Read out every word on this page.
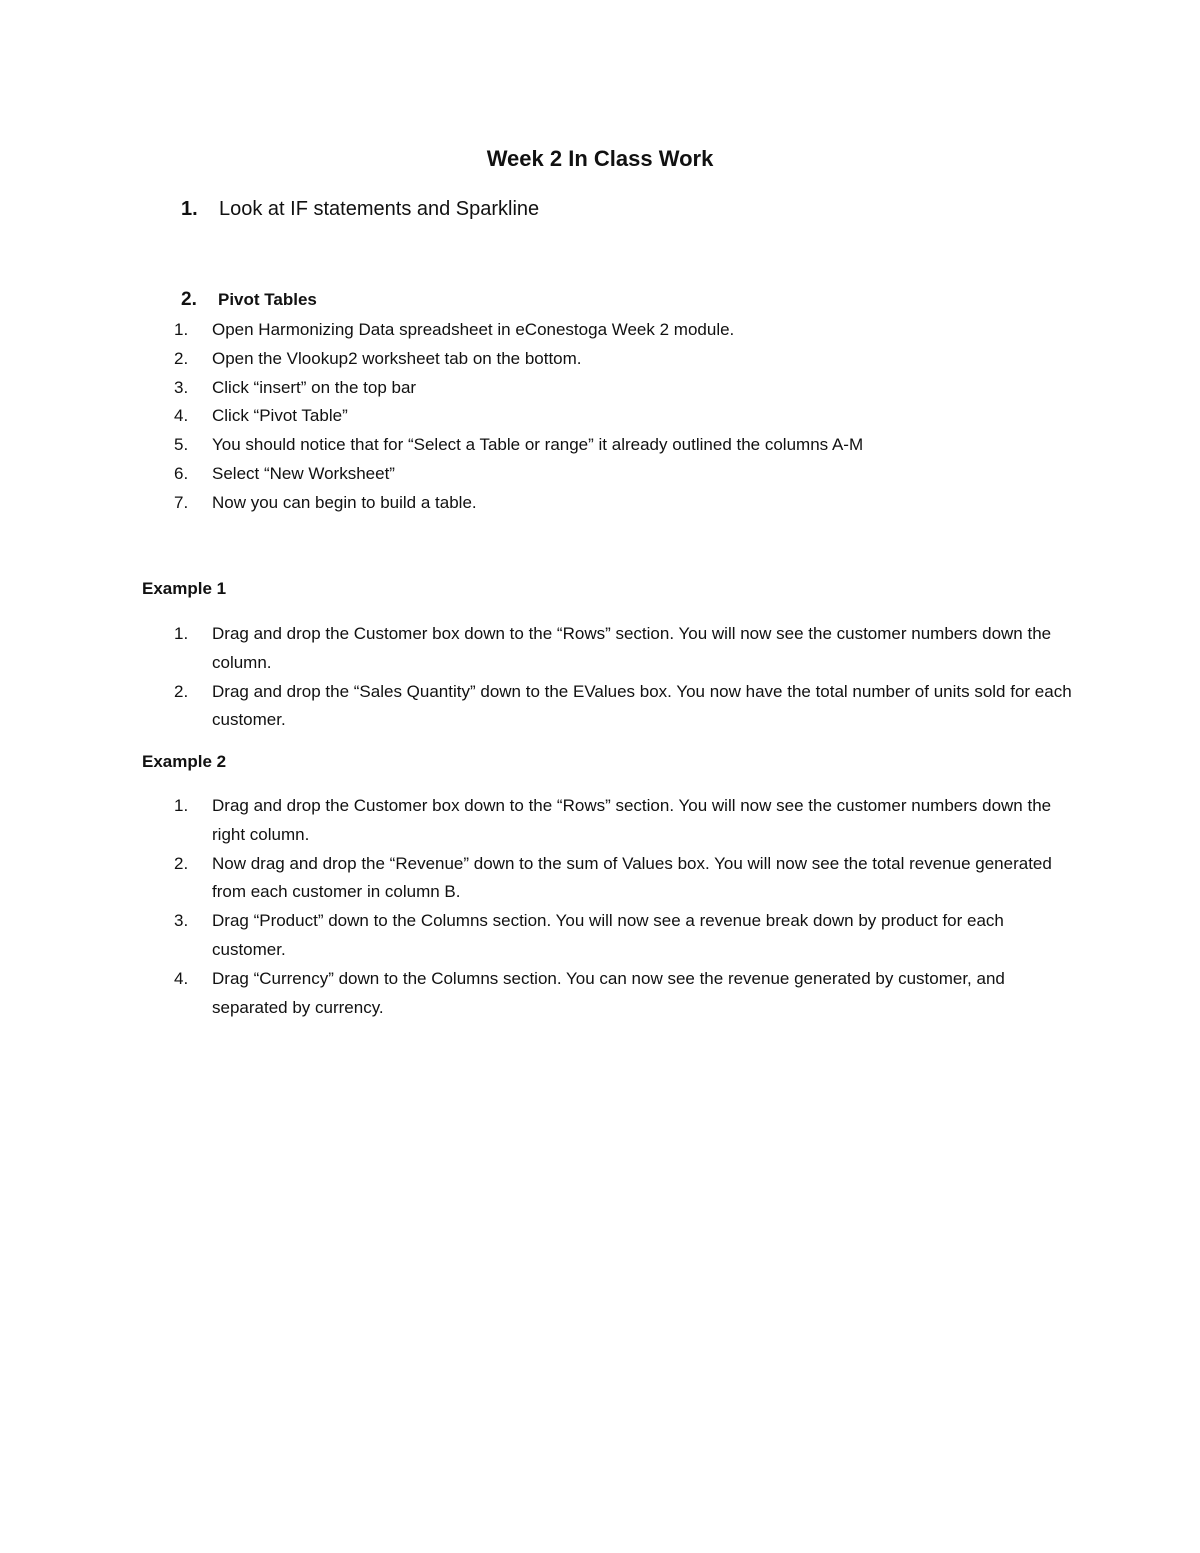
Week 2 In Class Work
1. Look at IF statements and Sparkline
2. Pivot Tables
1.	Open Harmonizing Data spreadsheet in eConestoga Week 2 module.
2.	Open the Vlookup2 worksheet tab on the bottom.
3.	Click “insert” on the top bar
4.	Click “Pivot Table”
5.	You should notice that for “Select a Table or range” it already outlined the columns A-M
6.	Select “New Worksheet”
7.	Now you can begin to build a table.
Example 1
1.	Drag and drop the Customer box down to the “Rows” section. You will now see the customer numbers down the column.
2.	Drag and drop the “Sales Quantity” down to the EValues box. You now have the total number of units sold for each customer.
Example 2
1.	Drag and drop the Customer box down to the “Rows” section. You will now see the customer numbers down the right column.
2.	Now drag and drop the “Revenue” down to the sum of Values box. You will now see the total revenue generated from each customer in column B.
3.	Drag “Product” down to the Columns section. You will now see a revenue break down by product for each customer.
4.	Drag “Currency” down to the Columns section. You can now see the revenue generated by customer, and separated by currency.
